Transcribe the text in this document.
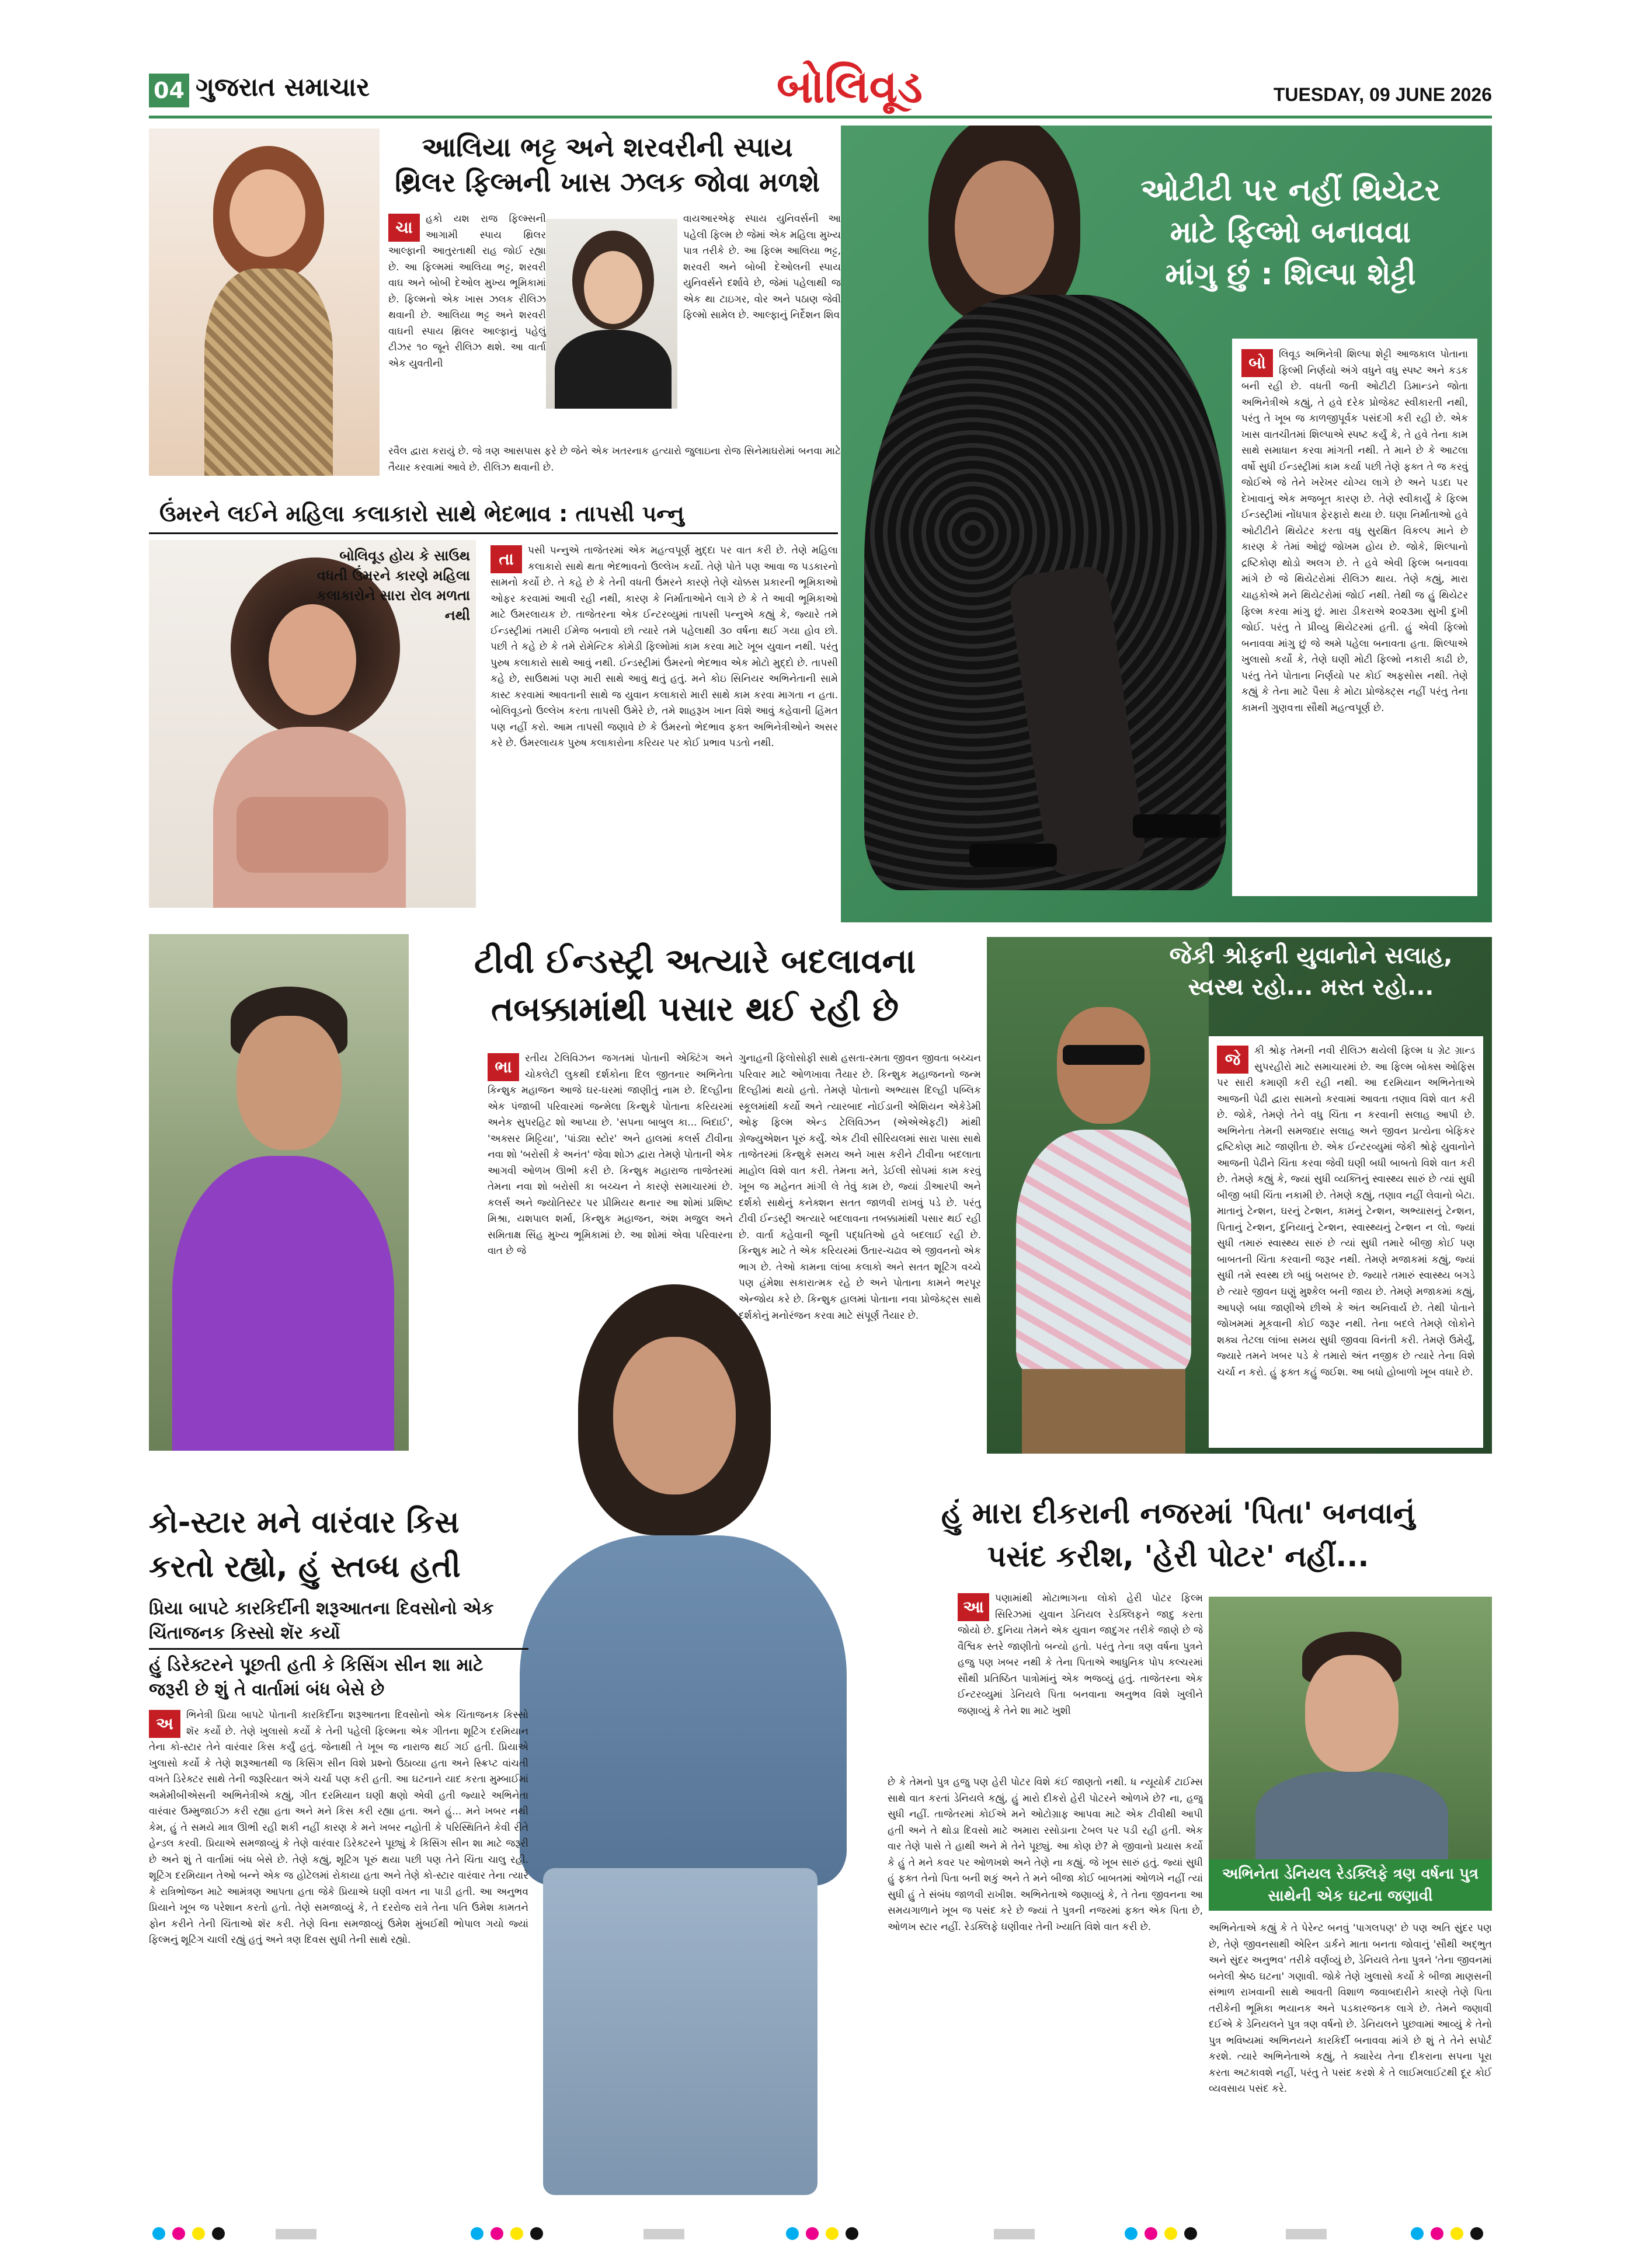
04 ગુજરાત સમાચાર	બોલિવૂડ	TUESDAY, 09 JUNE 2026
આલિયા ભટ્ટ અને શરવરીની સ્પાય
થ્રિલર ફિલ્મની ખાસ ઝલક જોવા મળશે
ચા	હકો યશ રાજ ફિલ્મ્સની આગામી સ્પાય થ્રિલર આલ્ફાની આતુરતાથી રાહ જોઈ રહ્યા છે. આ ફિલ્મમાં આલિયા ભટ્ટ, શરવરી વાઘ અને બોબી દેઓલ મુખ્ય ભૂમિકામાં છે. ફિલ્મનો એક ખાસ ઝલક રીલિઝ થવાની છે. આલિયા ભટ્ટ અને શરવરી વાઘની સ્પાય થ્રિલર આલ્ફાનું પહેલું ટીઝર ૧૦ જૂને રીલિઝ થશે. આ વાર્તા એક યુવતીની
વાયઆરએફ સ્પાય યુનિવર્સની આ પહેલી ફિલ્મ છે જેમાં એક મહિલા મુખ્ય પાત્ર તરીકે છે. આ ફિલ્મ આલિયા ભટ્ટ, શરવરી અને બોબી દેઓલની સ્પાય યુનિવર્સને દર્શાવે છે, જેમાં પહેલાથી જ એક થા ટાઇગર, વોર અને પઠાણ જેવી ફિલ્મો સામેલ છે. આલ્ફાનું નિર્દેશન શિવ
રવૈલ દ્વારા કરાયું છે. જે ત્રણ આસપાસ ફરે છે જેને એક ખતરનાક હત્યારો જુલાઇના રોજ સિનેમાઘરોમાં બનવા માટે તૈયાર કરવામાં આવે છે. રીલિઝ થવાની છે.
ઓટીટી પર નહીં થિયેટર
માટે ફિલ્મો બનાવવા
માંગુ છું : શિલ્પા શેટ્ટી
બો	લિવૂડ અભિનેત્રી શિલ્પા શેટ્ટી આજકાલ પોતાના ફિલ્મી નિર્ણયો અંગે વધુને વધુ સ્પષ્ટ અને કડક બની રહી છે. વધતી જતી ઓટીટી ડિમાન્ડને જોતા અભિનેત્રીએ કહ્યું, તે હવે દરેક પ્રોજેક્ટ સ્વીકારતી નથી, પરંતુ તે ખૂબ જ કાળજીપૂર્વક પસંદગી કરી રહી છે. એક ખાસ વાતચીતમાં શિલ્પાએ સ્પષ્ટ કર્યું કે, તે હવે તેના કામ સાથે સમાધાન કરવા માંગતી નથી. તે માને છે કે આટલા વર્ષો સુધી ઈન્ડસ્ટ્રીમાં કામ કર્યા પછી તેણે ફક્ત તે જ કરવું જોઈએ જે તેને ખરેખર યોગ્ય લાગે છે અને પડદા પર દેખાવાનું એક મજબૂત કારણ છે. તેણે સ્વીકાર્યું કે ફિલ્મ ઈન્ડસ્ટ્રીમાં નોંધપાત્ર ફેરફારો થયા છે. ઘણા નિર્માતાઓ હવે ઓટીટીને થિયેટર કરતા વધુ સુરક્ષિત વિકલ્પ માને છે કારણ કે તેમાં ઓછું જોખમ હોય છે. જોકે, શિલ્પાનો દ્રષ્ટિકોણ થોડો અલગ છે. તે હવે એવી ફિલ્મ બનાવવા માંગે છે જે થિયેટરોમાં રીલિઝ થાય. તેણે કહ્યું, મારા ચાહકોએ મને થિયેટરોમાં જોઈ નથી. તેથી જ હું થિયેટર ફિલ્મ કરવા માંગુ છું. મારા ડીકરાએ ૨૦૨૩મા સુખી દુખી જોઈ. પરંતુ તે પ્રીવ્યુ થિયેટરમાં હતી. હું એવી ફિલ્મો બનાવવા માંગુ છું જે અમે પહેલા બનાવતા હતા. શિલ્પાએ ખુલાસો કર્યો કે, તેણે ઘણી મોટી ફિલ્મો નકારી કાઢી છે, પરંતુ તેને પોતાના નિર્ણયો પર કોઈ અફસોસ નથી. તેણે કહ્યું કે તેના માટે પૈસા કે મોટા પ્રોજેક્ટ્સ નહીં પરંતુ તેના કામની ગુણવત્તા સૌથી મહત્વપૂર્ણ છે.
ઉંમરને લઈને મહિલા કલાકારો સાથે ભેદભાવ : તાપસી પન્નુ
બોલિવૂડ હોય કે સાઉથ વધતી ઉંમરને કારણે મહિલા કલાકારોને સારા રોલ મળતા નથી
તા	પસી પન્નુએ તાજેતરમાં એક મહત્વપૂર્ણ મુદ્દા પર વાત કરી છે. તેણે મહિલા કલાકારો સાથે થતા ભેદભાવનો ઉલ્લેખ કર્યો. તેણે પોતે પણ આવા જ પડકારનો સામનો કર્યો છે. તે કહે છે કે તેની વધતી ઉંમરને કારણે તેણે ચોક્કસ પ્રકારની ભૂમિકાઓ ઓફર કરવામાં આવી રહી નથી, કારણ કે નિર્માતાઓને લાગે છે કે તે આવી ભૂમિકાઓ માટે ઉમરલાયક છે. તાજેતરના એક ઈન્ટરવ્યુમાં તાપસી પન્નુએ કહ્યું કે, જ્યારે તમે ઈન્ડસ્ટ્રીમાં તમારી ઈમેજ બનાવો છો ત્યારે તમે પહેલાથી ૩૦ વર્ષના થઈ ગયા હોવ છો. પછી તે કહે છે કે તમે રોમેન્ટિક કોમેડી ફિલ્મોમાં કામ કરવા માટે ખૂબ યુવાન નથી. પરંતુ પુરુષ કલાકારો સાથે આવું નથી. ઈન્ડસ્ટ્રીમાં ઉંમરનો ભેદભાવ એક મોટો મુદ્દો છે. તાપસી કહે છે, સાઉથમાં પણ મારી સાથે આવું થતું હતું. મને કોઇ સિનિયર અભિનેતાની સામે કાસ્ટ કરવામાં આવતાની સાથે જ યુવાન કલાકારો મારી સાથે કામ કરવા માગતા ન હતા. બોલિવૂડનો ઉલ્લેખ કરતા તાપસી ઉમેરે છે, તમે શાહરૂખ ખાન વિશે આવું કહેવાની હિંમત પણ નહીં કરો. આમ તાપસી જણાવે છે કે ઉંમરનો ભેદભાવ ફક્ત અભિનેત્રીઓને અસર કરે છે. ઉંમરલાયક પુરુષ કલાકારોના કરિયર પર કોઈ પ્રભાવ પડતો નથી.
ટીવી ઈન્ડસ્ટ્રી અત્યારે બદલાવના
તબક્કામાંથી પસાર થઈ રહી છે
ભા	રતીય ટેલિવિઝન જગતમાં પોતાની એક્ટિંગ અને ચોકલેટી લુકથી દર્શકોના દિલ જીતનાર અભિનેતા કિન્શુક મહાજન આજે ઘર-ઘરમાં જાણીતું નામ છે. દિલ્હીના એક પંજાબી પરિવારમાં જન્મેલા કિન્શુકે પોતાના કરિયરમાં અનેક સુપરહિટ શો આપ્યા છે. 'સપના બાબુલ કા... બિદાઈ', 'અક્સર મિટ્ટિયા', 'પાંડ્યા સ્ટોર' અને હાલમાં કલર્સ ટીવીના નવા શો 'બરોસી કે અનંત' જેવા શોઝ દ્વારા તેમણે પોતાની એક આગવી ઓળખ ઊભી કરી છે. કિન્શુક મહારાજ તાજેતરમાં તેમના નવા શો બરોસી કા બચ્ચન ને કારણે સમાચારમાં છે. કલર્સ અને જ્યોતિસ્ટર પર પ્રીમિયર થનાર આ શોમાં પ્રશિષ્ટ મિશ્રા, યશપાલ શર્મા, કિન્શુક મહાજન, અંશ મજુલ અને સમિતાક્ષ સિંહ મુખ્ય ભૂમિકામાં છે. આ શોમાં એવા પરિવારના વાત છે જે
ગુનાહની ફિલોસોફી સાથે હસતા-રમતા જીવન જીવતા બચ્ચન પરિવાર માટે ઓળખાવા તૈયાર છે. કિન્શુક મહાજનનો જન્મ દિલ્હીમાં થયો હતો. તેમણે પોતાનો અભ્યાસ દિલ્હી પબ્લિક સ્કૂલમાંથી કર્યો અને ત્યારબાદ નોઈડાની એશિયન એકેડેમી ઓફ ફિલ્મ એન્ડ ટેલિવિઝન (એએએફટી) માંથી ગ્રેજ્યુએશન પૂરું કર્યું. એક ટીવી સીરિયલમાં સારા પાસા સાથે તાજેતરમાં કિન્શુકે સમય અને ખાસ કરીને ટીવીના બદલાતા માહોલ વિશે વાત કરી. તેમના મતે, ડેઈલી સોપમાં કામ કરવું ખૂબ જ મહેનત માંગી લે તેવું કામ છે, જ્યાં ડીઆરપી અને દર્શકો સાથેનું કનેક્શન સતત જાળવી રાખવું પડે છે. પરંતુ ટીવી ઈન્ડસ્ટ્રી અત્યારે બદલાવના તબક્કામાંથી પસાર થઈ રહી છે. વાર્તા કહેવાની જૂની પદ્ધતિઓ હવે બદલાઈ રહી છે. કિન્શુક માટે તે એક કરિયરમાં ઉતાર-ચઢાવ એ જીવનનો એક ભાગ છે. તેઓ કામના લાંબા કલાકો અને સતત શૂટિંગ વચ્ચે પણ હંમેશા સકારાત્મક રહે છે અને પોતાના કામને ભરપૂર એન્જોય કરે છે. કિન્શુક હાલમાં પોતાના નવા પ્રોજેક્ટ્સ સાથે દર્શકોનું મનોરંજન કરવા માટે સંપૂર્ણ તૈયાર છે.
જેકી શ્રોફની યુવાનોને સલાહ,
સ્વસ્થ રહો... મસ્ત રહો...
જે	કી શ્રોફ તેમની નવી રીલિઝ થયેલી ફિલ્મ ધ ગ્રેટ ગ્રાન્ડ સુપરહીરો માટે સમાચારમાં છે. આ ફિલ્મ બોક્સ ઓફિસ પર સારી કમાણી કરી રહી નથી. આ દરમિયાન અભિનેતાએ આજની પેઢી દ્વારા સામનો કરવામાં આવતા તણાવ વિશે વાત કરી છે. જોકે, તેમણે તેને વધુ ચિંતા ન કરવાની સલાહ આપી છે. અભિનેતા તેમની સમજદાર સલાહ અને જીવન પ્રત્યેના બેફિકર દ્રષ્ટિકોણ માટે જાણીતા છે. એક ઈન્ટરવ્યુમાં જેકી શ્રોફે યુવાનોને આજની પેઢીને ચિંતા કરવા જેવી ઘણી બધી બાબતો વિશે વાત કરી છે. તેમણે કહ્યું કે, જ્યાં સુધી વ્યક્તિનું સ્વાસ્થ્ય સારું છે ત્યાં સુધી બીજી બધી ચિંતા નકામી છે. તેમણે કહ્યું, તણાવ નહીં લેવાનો બેટા. માતાનું ટેન્શન, ઘરનું ટેન્શન, કામનું ટેન્શન, અભ્યાસનું ટેન્શન, પિતાનું ટેન્શન, દુનિયાનું ટેન્શન, સ્વાસ્થ્યનું ટેન્શન ન લો. જ્યાં સુધી તમારું સ્વાસ્થ્ય સારું છે ત્યાં સુધી તમારે બીજી કોઈ પણ બાબતની ચિંતા કરવાની જરૂર નથી. તેમણે મજાકમાં કહ્યું, જ્યાં સુધી તમે સ્વસ્થ છો બધું બરાબર છે. જ્યારે તમારું સ્વાસ્થ્ય બગડે છે ત્યારે જીવન ઘણું મુશ્કેલ બની જાય છે. તેમણે મજાકમાં કહ્યું, આપણે બધા જાણીએ છીએ કે અંત અનિવાર્ય છે. તેથી પોતાને જોખમમાં મૂકવાની કોઈ જરૂર નથી. તેના બદલે તેમણે લોકોને શક્ય તેટલા લાંબા સમય સુધી જીવવા વિનંતી કરી. તેમણે ઉમેર્યું, જ્યારે તમને ખબર પડે કે તમારો અંત નજીક છે ત્યારે તેના વિશે ચર્ચા ન કરો. હું ફક્ત કહું જઈશ. આ બધો હોબાળો ખૂબ વધારે છે.
કો-સ્ટાર મને વારંવાર કિસ
કરતો રહ્યો, હું સ્તબ્ધ હતી
પ્રિયા બાપટે કારકિર્દીની શરૂઆતના દિવસોનો એક ચિંતાજનક કિસ્સો શૅર કર્યો
હું ડિરેક્ટરને પૂછતી હતી કે કિસિંગ સીન શા માટે જરૂરી છે શું તે વાર્તામાં બંધ બેસે છે
અ	ભિનેત્રી પ્રિયા બાપટે પોતાની કારકિર્દીના શરૂઆતના દિવસોનો એક ચિંતાજનક કિસ્સો શૅર કર્યો છે. તેણે ખુલાસો કર્યો કે તેની પહેલી ફિલ્મના એક ગીતના શૂટિંગ દરમિયાન તેના કો-સ્ટાર તેને વારંવાર કિસ કર્યું હતું. જેનાથી તે ખૂબ જ નારાજ થઈ ગઈ હતી. પ્રિયાએ ખુલાસો કર્યો કે તેણે શરૂઆતથી જ કિસિંગ સીન વિશે પ્રશ્નો ઉઠાવ્યા હતા અને સ્ક્રિપ્ટ વાંચતી વખતે ડિરેક્ટર સાથે તેની જરૂરિયાત અંગે ચર્ચા પણ કરી હતી. આ ઘટનાને યાદ કરતા મુમ્બાઈમાં અમેમીબીએસની અભિનેત્રીએ કહ્યું, ગીત દરમિયાન ઘણી ક્ષણો એવી હતી જ્યારે અભિનેતા વારંવાર ઉમ્મુજાઈઝ કરી રહ્યા હતા અને મને કિસ કરી રહ્યા હતા. અને હું... મને ખબર નથી કેમ, હું તે સમયે માત્ર ઊભી રહી શકી નહીં કારણ કે મને ખબર નહોતી કે પરિસ્થિતિને કેવી રીતે હેન્ડલ કરવી. પ્રિયાએ સમજાવ્યું કે તેણે વારંવાર ડિરેક્ટરને પૂછ્યું કે કિસિંગ સીન શા માટે જરૂરી છે અને શું તે વાર્તામાં બંધ બેસે છે. તેણે કહ્યું, શૂટિંગ પૂરું થયા પછી પણ તેને ચિંતા ચાલુ રહી. શૂટિંગ દરમિયાન તેઓ બન્ને એક જ હોટેલમાં રોકાયા હતા અને તેણે કો-સ્ટાર વારંવાર તેના ત્યારે કે રાત્રિભોજન માટે આમંત્રણ આપતા હતા જેકે પ્રિયાએ ઘણી વખત ના પાડી હતી. આ અનુભવ પ્રિયાને ખૂબ જ પરેશાન કરતો હતો. તેણે સમજાવ્યું કે, તે દરરોજ રાત્રે તેના પતિ ઉમેશ કામતને ફોન કરીને તેની ચિંતાઓ શૅર કરી. તેણે વિના સમજાવ્યું ઉમેશ મુંબઈથી ભોપાલ ગયો જ્યાં ફિલ્મનું શૂટિંગ ચાલી રહ્યું હતું અને ત્રણ દિવસ સુધી તેની સાથે રહ્યો.
હું મારા દીકરાની નજરમાં 'પિતા' બનવાનું
પસંદ કરીશ, 'હેરી પોટર' નહીં...
આ	પણામાંથી મોટાભાગના લોકો હેરી પોટર ફિલ્મ સિરિઝમાં યુવાન ડેનિયલ રેડક્લિફને જાદુ કરતા જોયો છે. દુનિયા તેમને એક યુવાન જાદુગર તરીકે જાણે છે જે વૈશ્વિક સ્તરે જાણીતો બન્યો હતો. પરંતુ તેના ત્રણ વર્ષના પુત્રને હજુ પણ ખબર નથી કે તેના પિતાએ આધુનિક પોપ કલ્ચરમાં સૌથી પ્રતિષ્ઠિત પાત્રોમાંનું એક ભજવ્યું હતું. તાજેતરના એક ઈન્ટરવ્યુમાં ડેનિયલે પિતા બનવાના અનુભવ વિશે ખુલીને જણાવ્યું કે તેને શા માટે ખુશી
અભિનેતા ડેનિયલ રેડક્લિફે ત્રણ વર્ષના પુત્ર સાથેની એક ઘટના જણાવી
છે કે તેમનો પુત્ર હજુ પણ હેરી પોટર વિશે કંઈ જાણતો નથી. ધ ન્યૂયોર્ક ટાઈમ્સ સાથે વાત કરતાં ડેનિયલે કહ્યું, હું મારો દીકરો હેરી પોટરને ઓળખે છે? ના, હજુ સુધી નહીં. તાજેતરમાં કોઈએ મને ઓટોગ્રાફ આપવા માટે એક ટીવીથી આપી હતી અને તે થોડા દિવસો માટે અમારા રસોડાના ટેબલ પર પડી રહી હતી. એક વાર તેણે પાસે તે હાથી અને મે તેને પૂછ્યું. આ કોણ છે? મે જીવાનો પ્રયાસ કર્યો કે હું તે મને કવર પર ઓળખશે અને તેણે ના કહ્યું. જે ખૂબ સારું હતું. જ્યાં સુધી હું ફક્ત તેનો પિતા બની શકું અને તે મને બીજા કોઈ બાબતમાં ઓળખે નહીં ત્યાં સુધી હું તે સંબંધ જાળવી રાખીશ. અભિનેતાએ જણાવ્યું કે, તે તેના જીવનના આ સમયગાળાને ખૂબ જ પસંદ કરે છે જ્યાં તે પુત્રની નજરમાં ફક્ત એક પિતા છે, ઓળખ સ્ટાર નહીં. રેડક્લિફે ઘણીવાર તેની ખ્યાતિ વિશે વાત કરી છે.	અભિનેતાએ કહ્યું કે તે પેરેન્ટ બનવું 'પાગલપણ' છે પણ અતિ સુંદર પણ છે, તેણે જીવનસાથી એરિન ડાર્કને માતા બનતા જોવાનું 'સૌથી અદ્ભુત અને સુંદર અનુભવ' તરીકે વર્ણવ્યું છે, ડેનિયલે તેના પુત્રને 'તેના જીવનમાં બનેલી શ્રેષ્ઠ ઘટના' ગણાવી. જોકે તેણે ખુલાસો કર્યો કે બીજા માણસની સંભાળ રાખવાની સાથે આવતી વિશાળ જવાબદારીને કારણે તેણે પિતા તરીકેની ભૂમિકા ભયાનક અને પડકારજનક લાગે છે. તેમને જણાવી દઈએ કે ડેનિયલને પુત્ર ત્રણ વર્ષનો છે. ડેનિયલને પુછવામાં આવ્યું કે તેનો પુત્ર ભવિષ્યમાં અભિનયને કારકિર્દી બનાવવા માંગે છે શું તે તેને સપોર્ટ કરશે. ત્યારે અભિનેતાએ કહ્યું, તે ક્યારેય તેના દીકરાના સપના પૂરા કરતા અટકાવશે નહીં, પરંતુ તે પસંદ કરશે કે તે લાઈમલાઈટથી દૂર કોઈ વ્યવસાય પસંદ કરે.
